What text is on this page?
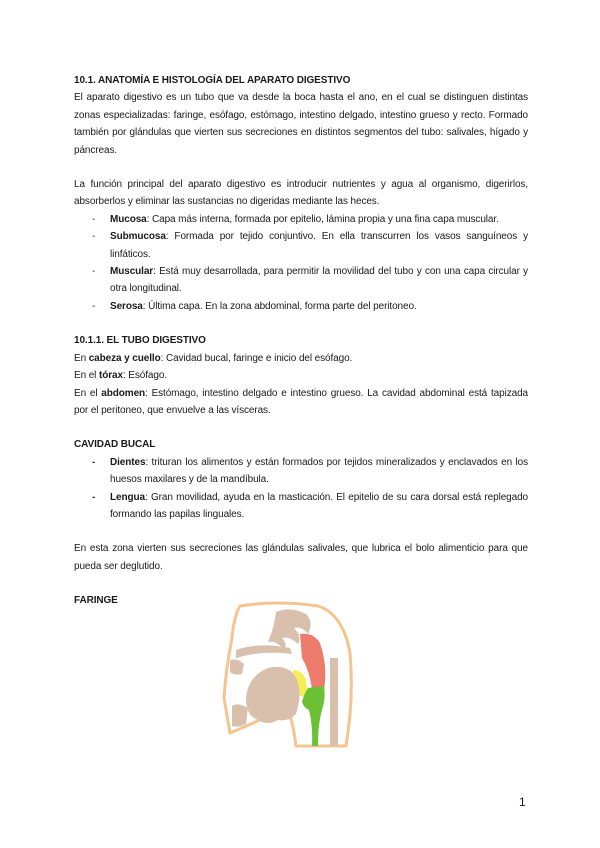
10.1. ANATOMÍA E HISTOLOGÍA DEL APARATO DIGESTIVO

El aparato digestivo es un tubo que va desde la boca hasta el ano, en el cual se distinguen distintas zonas especializadas: faringe, esófago, estómago, intestino delgado, intestino grueso y recto. Formado también por glándulas que vierten sus secreciones en distintos segmentos del tubo: salivales, hígado y páncreas.

La función principal del aparato digestivo es introducir nutrientes y agua al organismo, digerirlos, absorberlos y eliminar las sustancias no digeridas mediante las heces.

- Mucosa: Capa más interna, formada por epitelio, lámina propia y una fina capa muscular.
- Submucosa: Formada por tejido conjuntivo. En ella transcurren los vasos sanguíneos y linfáticos.
- Muscular: Está muy desarrollada, para permitir la movilidad del tubo y con una capa circular y otra longitudinal.
- Serosa: Última capa. En la zona abdominal, forma parte del peritoneo.

10.1.1. EL TUBO DIGESTIVO

En cabeza y cuello: Cavidad bucal, faringe e inicio del esófago.

En el tórax: Esófago.

En el abdomen: Estómago, intestino delgado e intestino grueso. La cavidad abdominal está tapizada por el peritoneo, que envuelve a las vísceras.

CAVIDAD BUCAL

- Dientes: trituran los alimentos y están formados por tejidos mineralizados y enclavados en los huesos maxilares y de la mandíbula.
- Lengua: Gran movilidad, ayuda en la masticación. El epitelio de su cara dorsal está replegado formando las papilas linguales.

En esta zona vierten sus secreciones las glándulas salivales, que lubrica el bolo alimenticio para que pueda ser deglutido.

FARINGE

1
